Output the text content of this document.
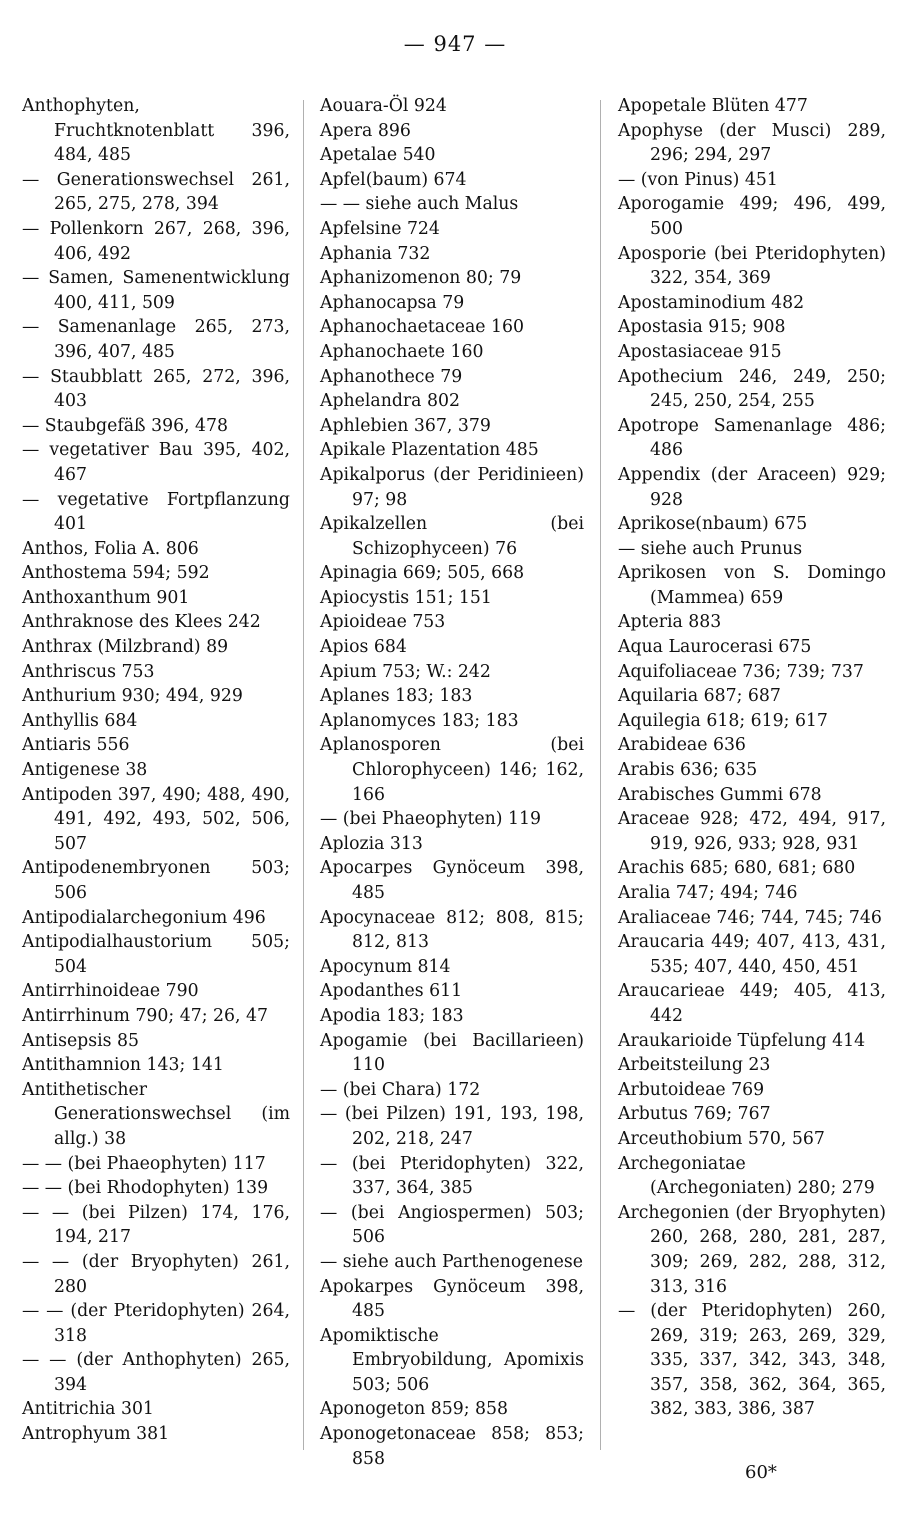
— 947 —

Anthophyten, Fruchtknotenblatt 396, 484, 485

— Generationswechsel 261, 265, 275, 278, 394

— Pollenkorn 267, 268, 396, 406, 492

— Samen, Samenentwicklung 400, 411, 509

— Samenanlage 265, 273, 396, 407, 485

— Staubblatt 265, 272, 396, 403

— Staubgefäß 396, 478

— vegetativer Bau 395, 402, 467

— vegetative Fortpflanzung 401

Anthos, Folia A. 806

Anthostema 594; 592

Anthoxanthum 901

Anthraknose des Klees 242

Anthrax (Milzbrand) 89

Anthriscus 753

Anthurium 930; 494, 929

Anthyllis 684

Antiaris 556

Antigenese 38

Antipoden 397, 490; 488, 490, 491, 492, 493, 502, 506, 507

Antipodenembryonen 503; 506

Antipodialarchegonium 496

Antipodialhaustorium 505; 504

Antirrhinoideae 790

Antirrhinum 790; 47; 26, 47

Antisepsis 85

Antithamnion 143; 141

Antithetischer Generationswechsel (im allg.) 38

— — (bei Phaeophyten) 117

— — (bei Rhodophyten) 139

— — (bei Pilzen) 174, 176, 194, 217

— — (der Bryophyten) 261, 280

— — (der Pteridophyten) 264, 318

— — (der Anthophyten) 265, 394

Antitrichia 301

Antrophyum 381

Aouara-Öl 924

Apera 896

Apetalae 540

Apfel(baum) 674

— — siehe auch Malus

Apfelsine 724

Aphania 732

Aphanizomenon 80; 79

Aphanocapsa 79

Aphanochaetaceae 160

Aphanochaete 160

Aphanothece 79

Aphelandra 802

Aphlebien 367, 379

Apikale Plazentation 485

Apikalporus (der Peridinieen) 97; 98

Apikalzellen (bei Schizophyceen) 76

Apinagia 669; 505, 668

Apiocystis 151; 151

Apioideae 753

Apios 684

Apium 753; W.: 242

Aplanes 183; 183

Aplanomyces 183; 183

Aplanosporen (bei Chlorophyceen) 146; 162, 166

— (bei Phaeophyten) 119

Aplozia 313

Apocarpes Gynöceum 398, 485

Apocynaceae 812; 808, 815; 812, 813

Apocynum 814

Apodanthes 611

Apodia 183; 183

Apogamie (bei Bacillarieen) 110

— (bei Chara) 172

— (bei Pilzen) 191, 193, 198, 202, 218, 247

— (bei Pteridophyten) 322, 337, 364, 385

— (bei Angiospermen) 503; 506

— siehe auch Parthenogenese

Apokarpes Gynöceum 398, 485

Apomiktische Embryobildung, Apomixis 503; 506

Aponogeton 859; 858

Aponogetonaceae 858; 853; 858

Apopetale Blüten 477

Apophyse (der Musci) 289, 296; 294, 297

— (von Pinus) 451

Aporogamie 499; 496, 499, 500

Aposporie (bei Pteridophyten) 322, 354, 369

Apostaminodium 482

Apostasia 915; 908

Apostasiaceae 915

Apothecium 246, 249, 250; 245, 250, 254, 255

Apotrope Samenanlage 486; 486

Appendix (der Araceen) 929; 928

Aprikose(nbaum) 675

— siehe auch Prunus

Aprikosen von S. Domingo (Mammea) 659

Apteria 883

Aqua Laurocerasi 675

Aquifoliaceae 736; 739; 737

Aquilaria 687; 687

Aquilegia 618; 619; 617

Arabideae 636

Arabis 636; 635

Arabisches Gummi 678

Araceae 928; 472, 494, 917, 919, 926, 933; 928, 931

Arachis 685; 680, 681; 680

Aralia 747; 494; 746

Araliaceae 746; 744, 745; 746

Araucaria 449; 407, 413, 431, 535; 407, 440, 450, 451

Araucarieae 449; 405, 413, 442

Araukarioide Tüpfelung 414

Arbeitsteilung 23

Arbutoideae 769

Arbutus 769; 767

Arceuthobium 570, 567

Archegoniatae (Archegoniaten) 280; 279

Archegonien (der Bryophyten) 260, 268, 280, 281, 287, 309; 269, 282, 288, 312, 313, 316

— (der Pteridophyten) 260, 269, 319; 263, 269, 329, 335, 337, 342, 343, 348, 357, 358, 362, 364, 365, 382, 383, 386, 387

60*
